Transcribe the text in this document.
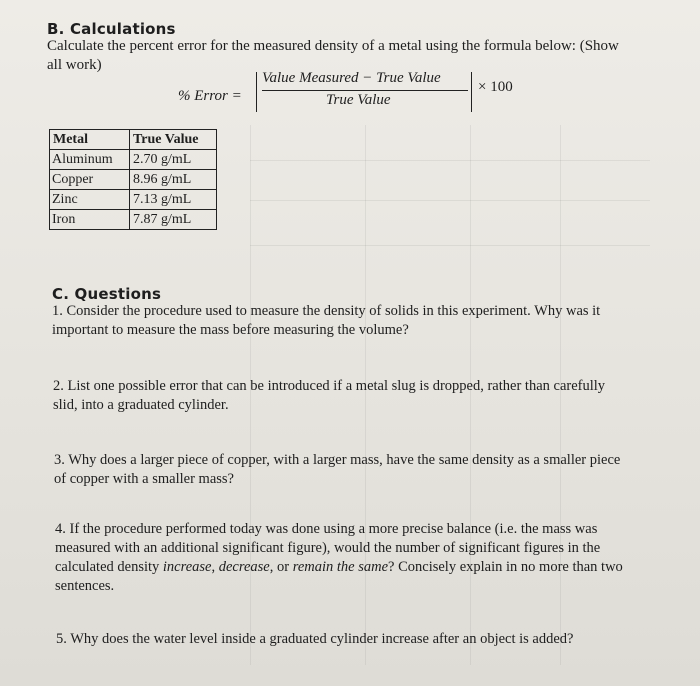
B. Calculations
Calculate the percent error for the measured density of a metal using the formula below: (Show
all work)
% Error =
Value Measured − True Value
True Value
× 100
Metal	True Value
Aluminum	2.70 g/mL
Copper	8.96 g/mL
Zinc	7.13 g/mL
Iron	7.87 g/mL
C. Questions
1. Consider the procedure used to measure the density of solids in this experiment. Why was it
important to measure the mass before measuring the volume?
2. List one possible error that can be introduced if a metal slug is dropped, rather than carefully
slid, into a graduated cylinder.
3. Why does a larger piece of copper, with a larger mass, have the same density as a smaller piece
of copper with a smaller mass?
4. If the procedure performed today was done using a more precise balance (i.e. the mass was
measured with an additional significant figure), would the number of significant figures in the
calculated density increase, decrease, or remain the same? Concisely explain in no more than two
sentences.
5. Why does the water level inside a graduated cylinder increase after an object is added?
